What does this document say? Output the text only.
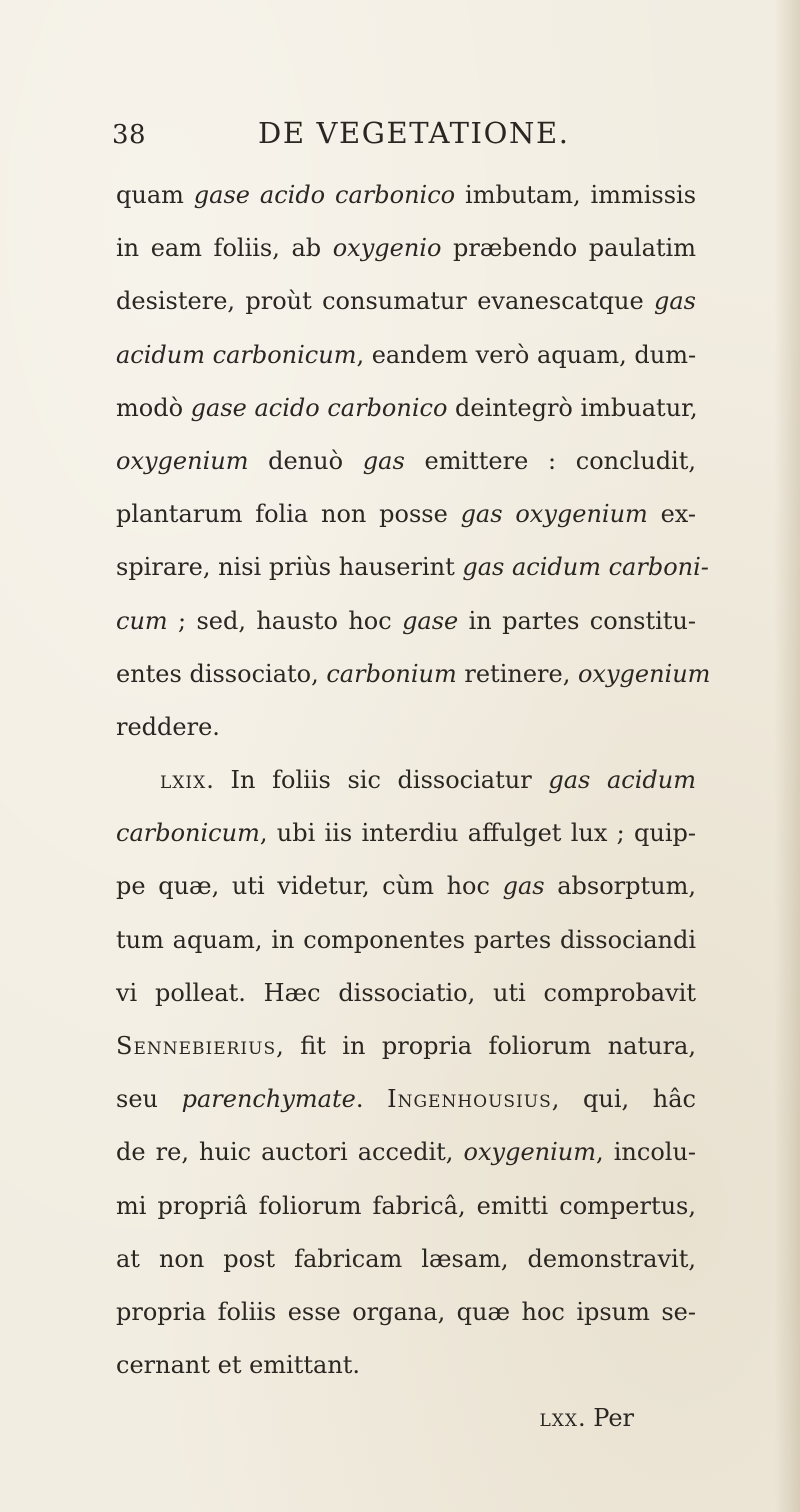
38	DE VEGETATIONE.
quam gase acido carbonico imbutam, immissis
in eam foliis, ab oxygenio præbendo paulatim
desistere, proùt consumatur evanescatque gas
acidum carbonicum, eandem verò aquam, dum-
modò gase acido carbonico deintegrò imbuatur,
oxygenium denuò gas emittere : concludit,
plantarum folia non posse gas oxygenium ex-
spirare, nisi priùs hauserint gas acidum carboni-
cum ; sed, hausto hoc gase in partes constitu-
entes dissociato, carbonium retinere, oxygenium
reddere.
lxix. In foliis sic dissociatur gas acidum
carbonicum, ubi iis interdiu affulget lux ; quip-
pe quæ, uti videtur, cùm hoc gas absorptum,
tum aquam, in componentes partes dissociandi
vi polleat. Hæc dissociatio, uti comprobavit
Sennebierius, fit in propria foliorum natura,
seu parenchymate. Ingenhousius, qui, hâc
de re, huic auctori accedit, oxygenium, incolu-
mi propriâ foliorum fabricâ, emitti compertus,
at non post fabricam læsam, demonstravit,
propria foliis esse organa, quæ hoc ipsum se-
cernant et emittant.
lxx. Per
